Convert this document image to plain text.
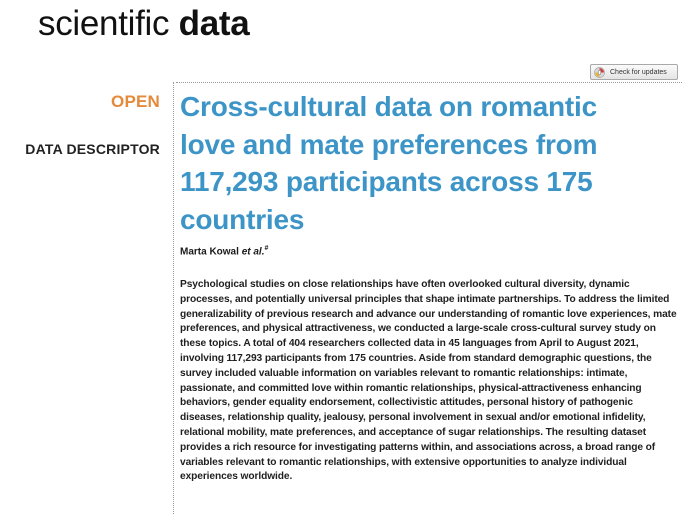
scientific data
Check for updates
OPEN
DATA DESCRIPTOR
Cross-cultural data on romantic love and mate preferences from 117,293 participants across 175 countries
Marta Kowal et al.#

Psychological studies on close relationships have often overlooked cultural diversity, dynamic processes, and potentially universal principles that shape intimate partnerships. To address the limited generalizability of previous research and advance our understanding of romantic love experiences, mate preferences, and physical attractiveness, we conducted a large-scale cross-cultural survey study on these topics. A total of 404 researchers collected data in 45 languages from April to August 2021, involving 117,293 participants from 175 countries. Aside from standard demographic questions, the survey included valuable information on variables relevant to romantic relationships: intimate, passionate, and committed love within romantic relationships, physical-attractiveness enhancing behaviors, gender equality endorsement, collectivistic attitudes, personal history of pathogenic diseases, relationship quality, jealousy, personal involvement in sexual and/or emotional infidelity, relational mobility, mate preferences, and acceptance of sugar relationships. The resulting dataset provides a rich resource for investigating patterns within, and associations across, a broad range of variables relevant to romantic relationships, with extensive opportunities to analyze individual experiences worldwide.
